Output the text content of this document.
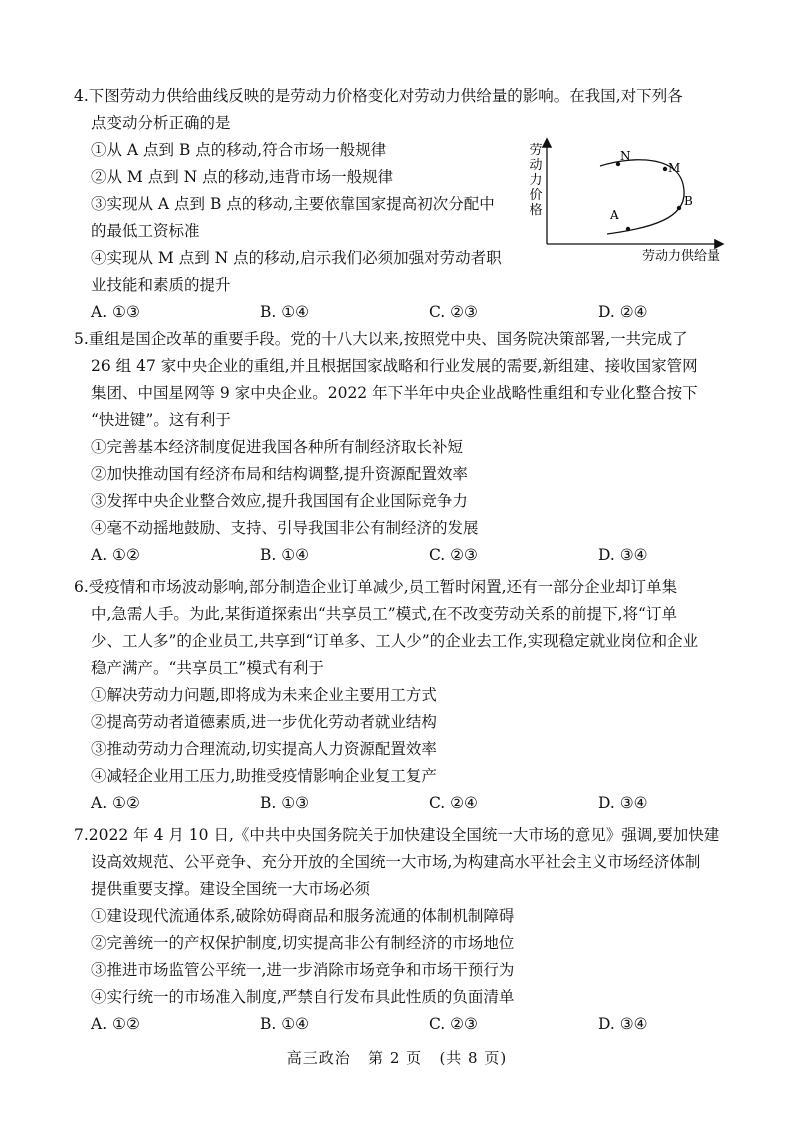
4.下图劳动力供给曲线反映的是劳动力价格变化对劳动力供给量的影响。在我国,对下列各
点变动分析正确的是
①从 A 点到 B 点的移动,符合市场一般规律
②从 M 点到 N 点的移动,违背市场一般规律
③实现从 A 点到 B 点的移动,主要依靠国家提高初次分配中
的最低工资标准
④实现从 M 点到 N 点的移动,启示我们必须加强对劳动者职
业技能和素质的提升
A. ①③	B. ①④	C. ②③	D. ②④
劳
动
力
价
格
N
M
B
A
劳动力供给量
5.重组是国企改革的重要手段。党的十八大以来,按照党中央、国务院决策部署,一共完成了
26 组 47 家中央企业的重组,并且根据国家战略和行业发展的需要,新组建、接收国家管网
集团、中国星网等 9 家中央企业。2022 年下半年中央企业战略性重组和专业化整合按下
“快进键”。这有利于
①完善基本经济制度促进我国各种所有制经济取长补短
②加快推动国有经济布局和结构调整,提升资源配置效率
③发挥中央企业整合效应,提升我国国有企业国际竞争力
④毫不动摇地鼓励、支持、引导我国非公有制经济的发展
A. ①②	B. ①④	C. ②③	D. ③④
6.受疫情和市场波动影响,部分制造企业订单减少,员工暂时闲置,还有一部分企业却订单集
中,急需人手。为此,某街道探索出“共享员工”模式,在不改变劳动关系的前提下,将“订单
少、工人多”的企业员工,共享到“订单多、工人少”的企业去工作,实现稳定就业岗位和企业
稳产满产。“共享员工”模式有利于
①解决劳动力问题,即将成为未来企业主要用工方式
②提高劳动者道德素质,进一步优化劳动者就业结构
③推动劳动力合理流动,切实提高人力资源配置效率
④减轻企业用工压力,助推受疫情影响企业复工复产
A. ①②	B. ①③	C. ②④	D. ③④
7.2022 年 4 月 10 日,《中共中央国务院关于加快建设全国统一大市场的意见》强调,要加快建
设高效规范、公平竞争、充分开放的全国统一大市场,为构建高水平社会主义市场经济体制
提供重要支撑。建设全国统一大市场必须
①建设现代流通体系,破除妨碍商品和服务流通的体制机制障碍
②完善统一的产权保护制度,切实提高非公有制经济的市场地位
③推进市场监管公平统一,进一步消除市场竞争和市场干预行为
④实行统一的市场准入制度,严禁自行发布具此性质的负面清单
A. ①②	B. ①④	C. ②③	D. ③④
高三政治   第 2 页   (共 8 页)
